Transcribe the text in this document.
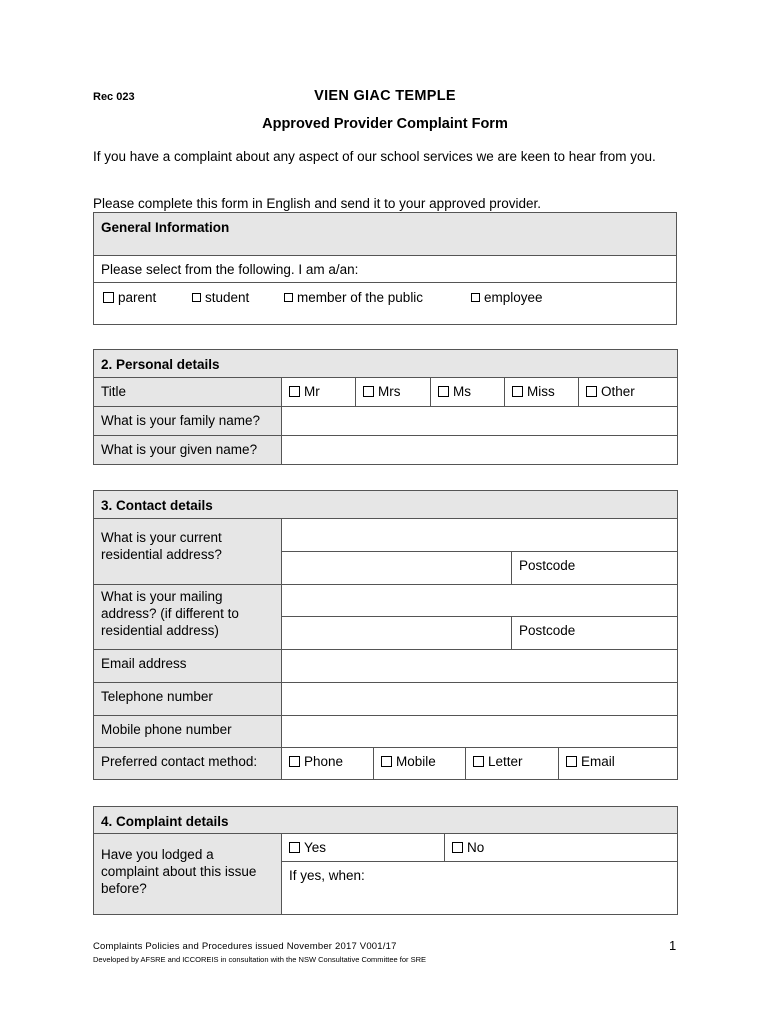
Rec 023	VIEN GIAC TEMPLE
Approved Provider Complaint Form
If you have a complaint about any aspect of our school services we are keen to hear from you.
Please complete this form in English and send it to your approved provider.
General Information
Please select from the following. I am a/an:

parent	student	member of the public	employee
2. Personal details					
Title	Mr	Mrs	Ms	Miss	Other
What is your family name?					
What is your given name?					
3. Contact details					
What is your current residential address?					
				Postcode	
What is your mailing address? (if different to residential address)					
				Postcode	
Email address					
Telephone number					
Mobile phone number					
Preferred contact method:	Phone	Mobile	Letter		Email
4. Complaint details
Have you lodged a complaint about this issue before?	Yes	No
If yes, when:
Complaints Policies and Procedures issued November 2017 V001/17
Developed by AFSRE and ICCOREIS in consultation with the NSW Consultative Committee for SRE
1
